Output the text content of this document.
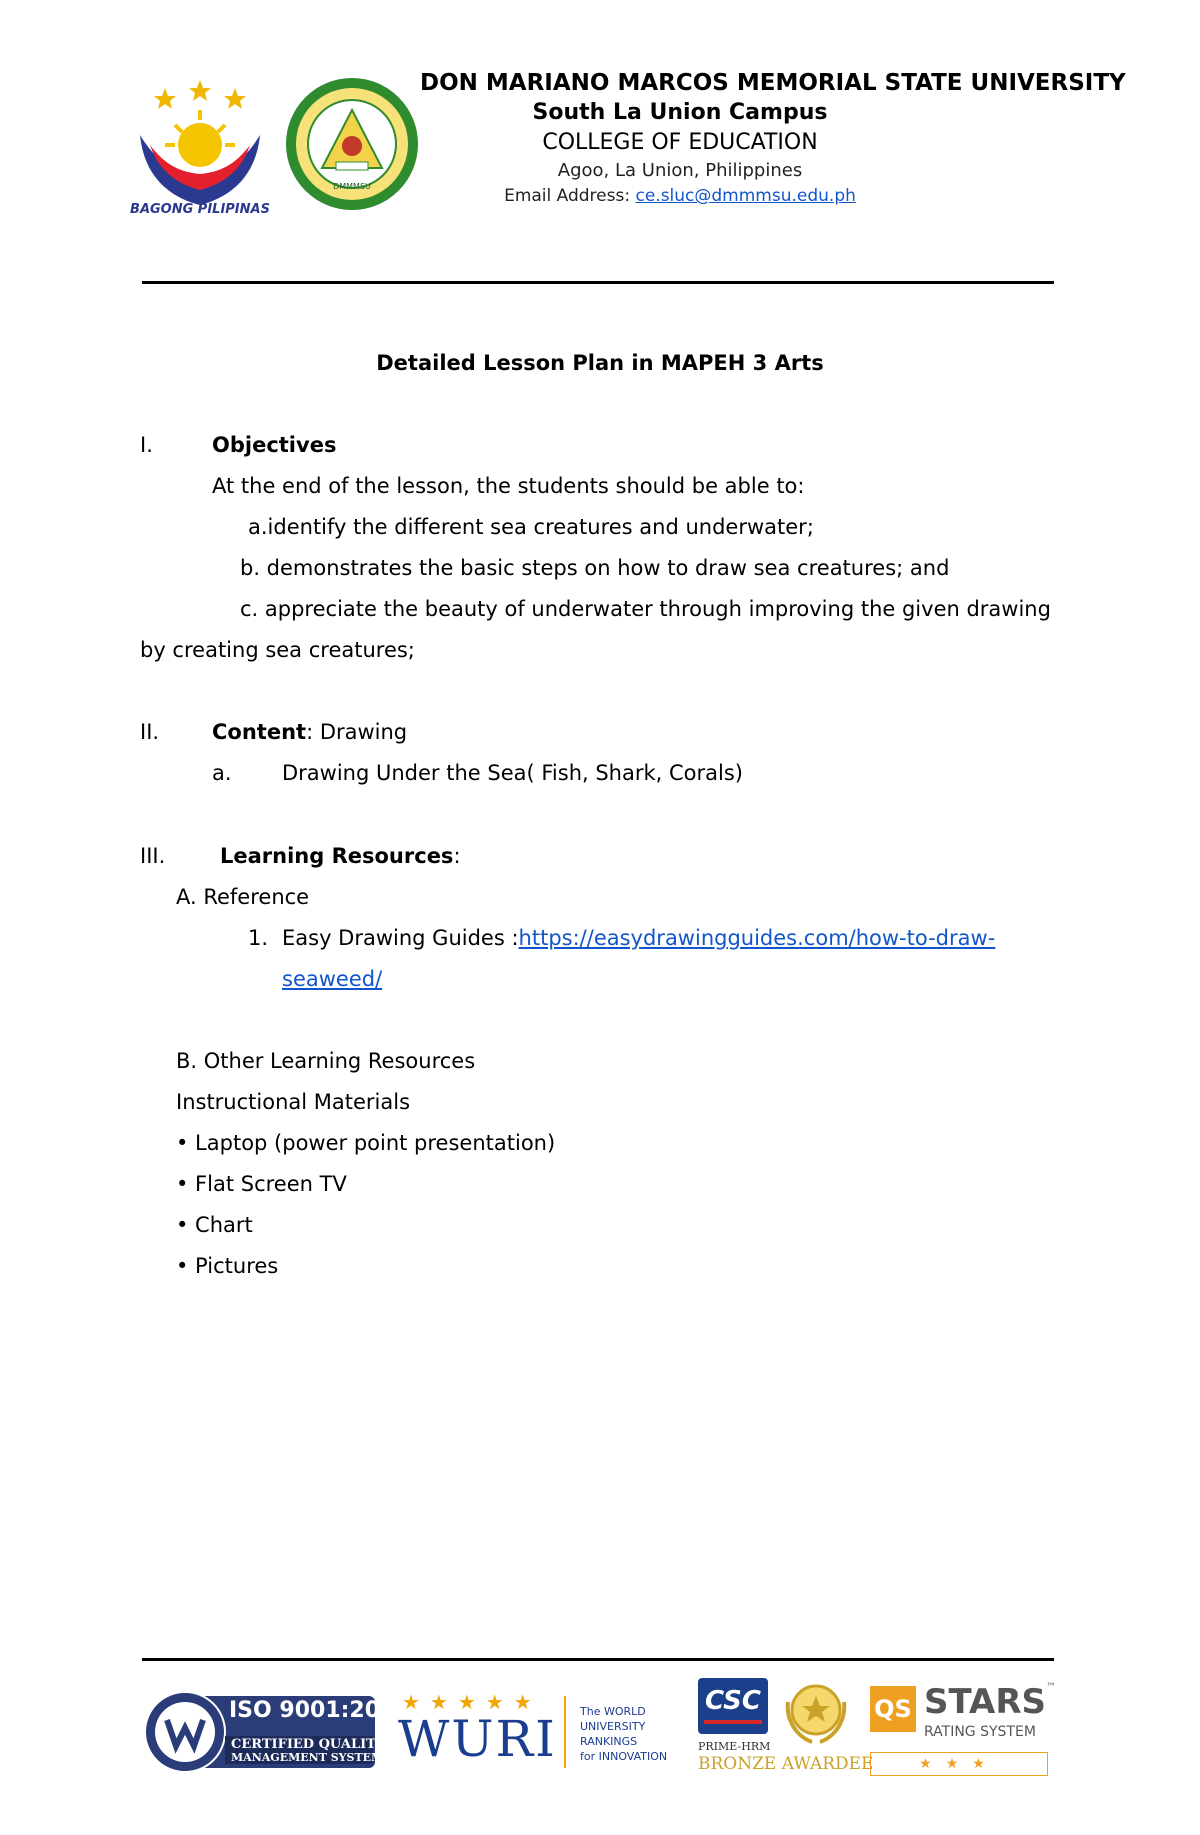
BAGONG PILIPINAS
DMMMSU
DON MARIANO MARCOS MEMORIAL STATE UNIVERSITY
South La Union Campus
COLLEGE OF EDUCATION
Agoo, La Union, Philippines
Email Address: ce.sluc@dmmmsu.edu.ph
Detailed Lesson Plan in MAPEH 3 Arts
I.	Objectives
At the end of the lesson, the students should be able to:
a.identify the different sea creatures and underwater;
b. demonstrates the basic steps on how to draw sea creatures; and
c. appreciate the beauty of underwater through improving the given drawing
by creating sea creatures;
II.	Content: Drawing
a. Drawing Under the Sea( Fish, Shark, Corals)
III.	Learning Resources:
A. Reference
1. Easy Drawing Guides :https://easydrawingguides.com/how-to-draw-
seaweed/
B. Other Learning Resources
Instructional Materials
• Laptop (power point presentation)
• Flat Screen TV
• Chart
• Pictures
ISO 9001:2015
CERTIFIED QUALITY
MANAGEMENT SYSTEM
★★★★★
WURI The WORLD
UNIVERSITY
RANKINGS
for INNOVATION
CSC
PRIME-HRM
BRONZE AWARDEE
QS STARS™
RATING SYSTEM
★★★
